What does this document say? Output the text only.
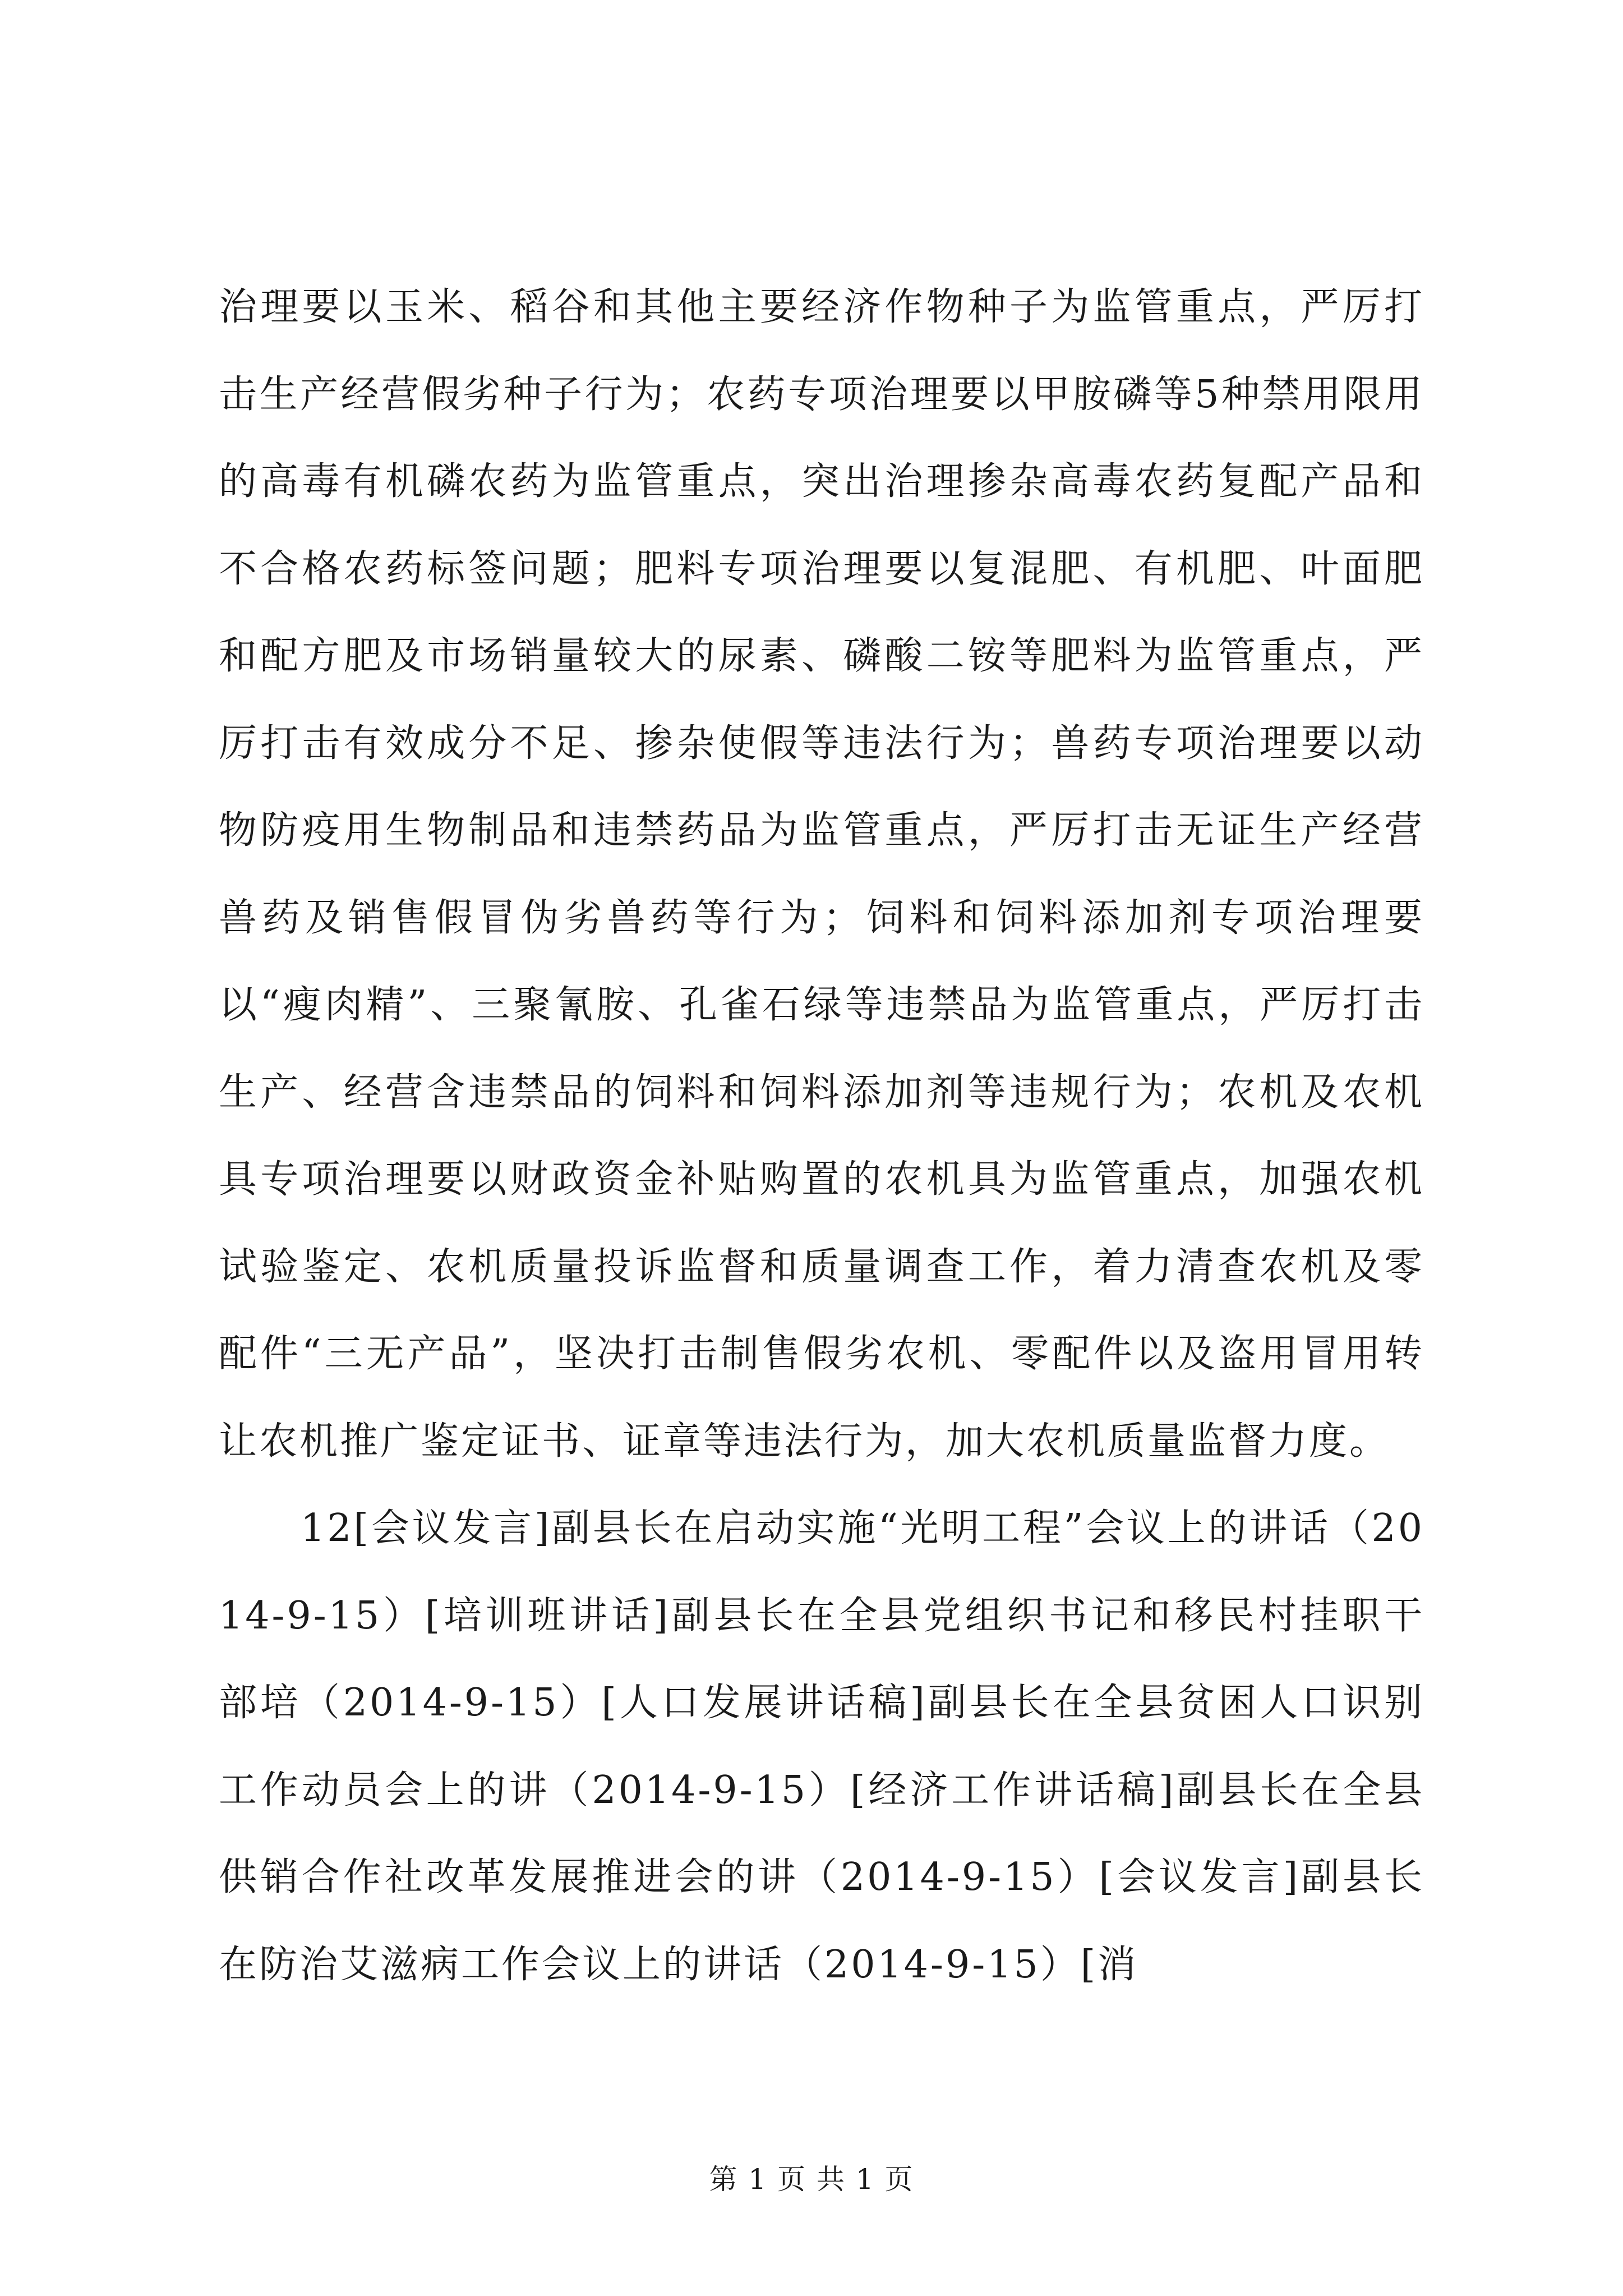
治理要以玉米、稻谷和其他主要经济作物种子为监管重点，严厉打击生产经营假劣种子行为；农药专项治理要以甲胺磷等5种禁用限用的高毒有机磷农药为监管重点，突出治理掺杂高毒农药复配产品和不合格农药标签问题；肥料专项治理要以复混肥、有机肥、叶面肥和配方肥及市场销量较大的尿素、磷酸二铵等肥料为监管重点，严厉打击有效成分不足、掺杂使假等违法行为；兽药专项治理要以动物防疫用生物制品和违禁药品为监管重点，严厉打击无证生产经营兽药及销售假冒伪劣兽药等行为；饲料和饲料添加剂专项治理要以“瘦肉精”、三聚氰胺、孔雀石绿等违禁品为监管重点，严厉打击生产、经营含违禁品的饲料和饲料添加剂等违规行为；农机及农机具专项治理要以财政资金补贴购置的农机具为监管重点，加强农机试验鉴定、农机质量投诉监督和质量调查工作，着力清查农机及零配件“三无产品”，坚决打击制售假劣农机、零配件以及盗用冒用转让农机推广鉴定证书、证章等违法行为，加大农机质量监督力度。

12[会议发言]副县长在启动实施“光明工程”会议上的讲话（2014-9-15）[培训班讲话]副县长在全县党组织书记和移民村挂职干部培（2014-9-15）[人口发展讲话稿]副县长在全县贫困人口识别工作动员会上的讲（2014-9-15）[经济工作讲话稿]副县长在全县供销合作社改革发展推进会的讲（2014-9-15）[会议发言]副县长在防治艾滋病工作会议上的讲话（2014-9-15）[消

第 1 页 共 1 页
